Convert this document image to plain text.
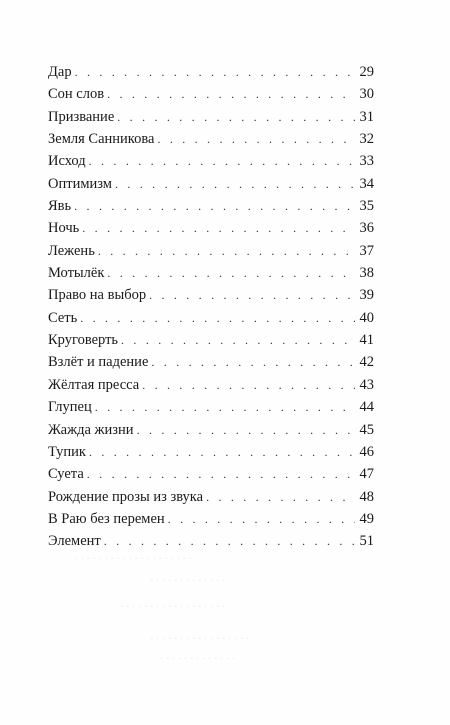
. . . . . . . . . . . . . . . . . . . .
. . . . . . . . . . . . .
. . . . . . . . . . . . . . . . . .
. . . . . . . . . . . . . . . . .
. . . . . . . . . . . . .
Дар . . .	29
Сон слов . . .	30
Призвание . . .	31
Земля Санникова . . .	32
Исход . . .	33
Оптимизм . . .	34
Явь . . .	35
Ночь . . .	36
Лежень . . .	37
Мотылёк . . .	38
Право на выбор . . .	39
Сеть . . .	40
Круговерть . . .	41
Взлёт и падение . . .	42
Жёлтая пресса . . .	43
Глупец . . .	44
Жажда жизни . . .	45
Тупик . . .	46
Суета . . .	47
Рождение прозы из звука . . .	48
В Раю без перемен . . .	49
Элемент . . .	51
